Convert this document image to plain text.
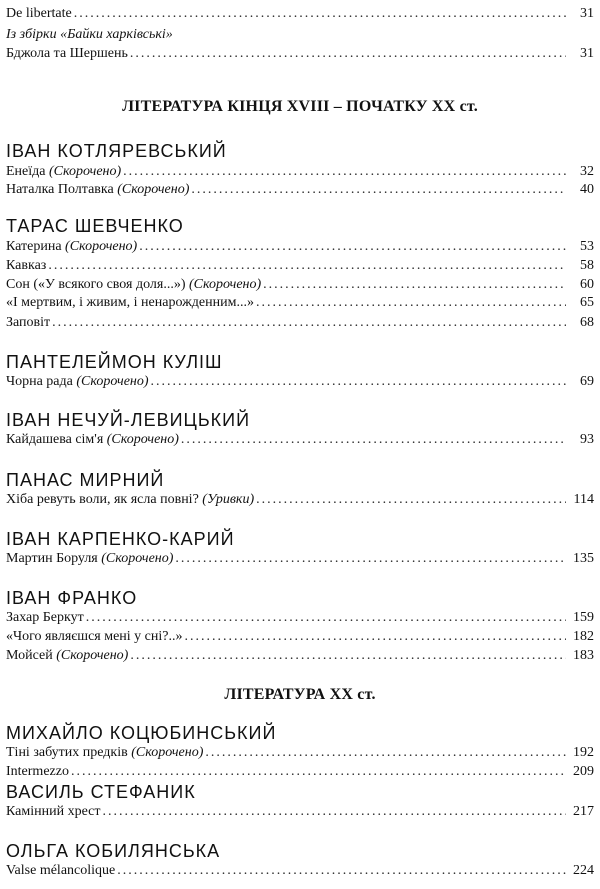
De libertate .....	31
Із збірки «Байки харківські»
Бджола та Шершень .....	31
ЛІТЕРАТУРА КІНЦЯ XVIII – ПОЧАТКУ XX ст.
ІВАН КОТЛЯРЕВСЬКИЙ
Енеїда (Скорочено) .....	32
Наталка Полтавка (Скорочено) .....	40
ТАРАС ШЕВЧЕНКО
Катерина (Скорочено) .....	53
Кавказ .....	58
Сон («У всякого своя доля...») (Скорочено) .....	60
«І мертвим, і живим, і ненарожденним...» .....	65
Заповіт .....	68
ПАНТЕЛЕЙМОН КУЛІШ
Чорна рада (Скорочено) .....	69
ІВАН НЕЧУЙ-ЛЕВИЦЬКИЙ
Кайдашева сім'я (Скорочено) .....	93
ПАНАС МИРНИЙ
Хіба ревуть воли, як ясла повні? (Уривки) .....	114
ІВАН КАРПЕНКО-КАРИЙ
Мартин Боруля (Скорочено) .....	135
ІВАН ФРАНКО
Захар Беркут .....	159
«Чого являєшся мені у сні?..» .....	182
Мойсей (Скорочено) .....	183
ЛІТЕРАТУРА XX ст.
МИХАЙЛО КОЦЮБИНСЬКИЙ
Тіні забутих предків (Скорочено) .....	192
Intermezzo .....	209
ВАСИЛЬ СТЕФАНИК
Камінний хрест .....	217
ОЛЬГА КОБИЛЯНСЬКА
Valse mélancolique .....	224
